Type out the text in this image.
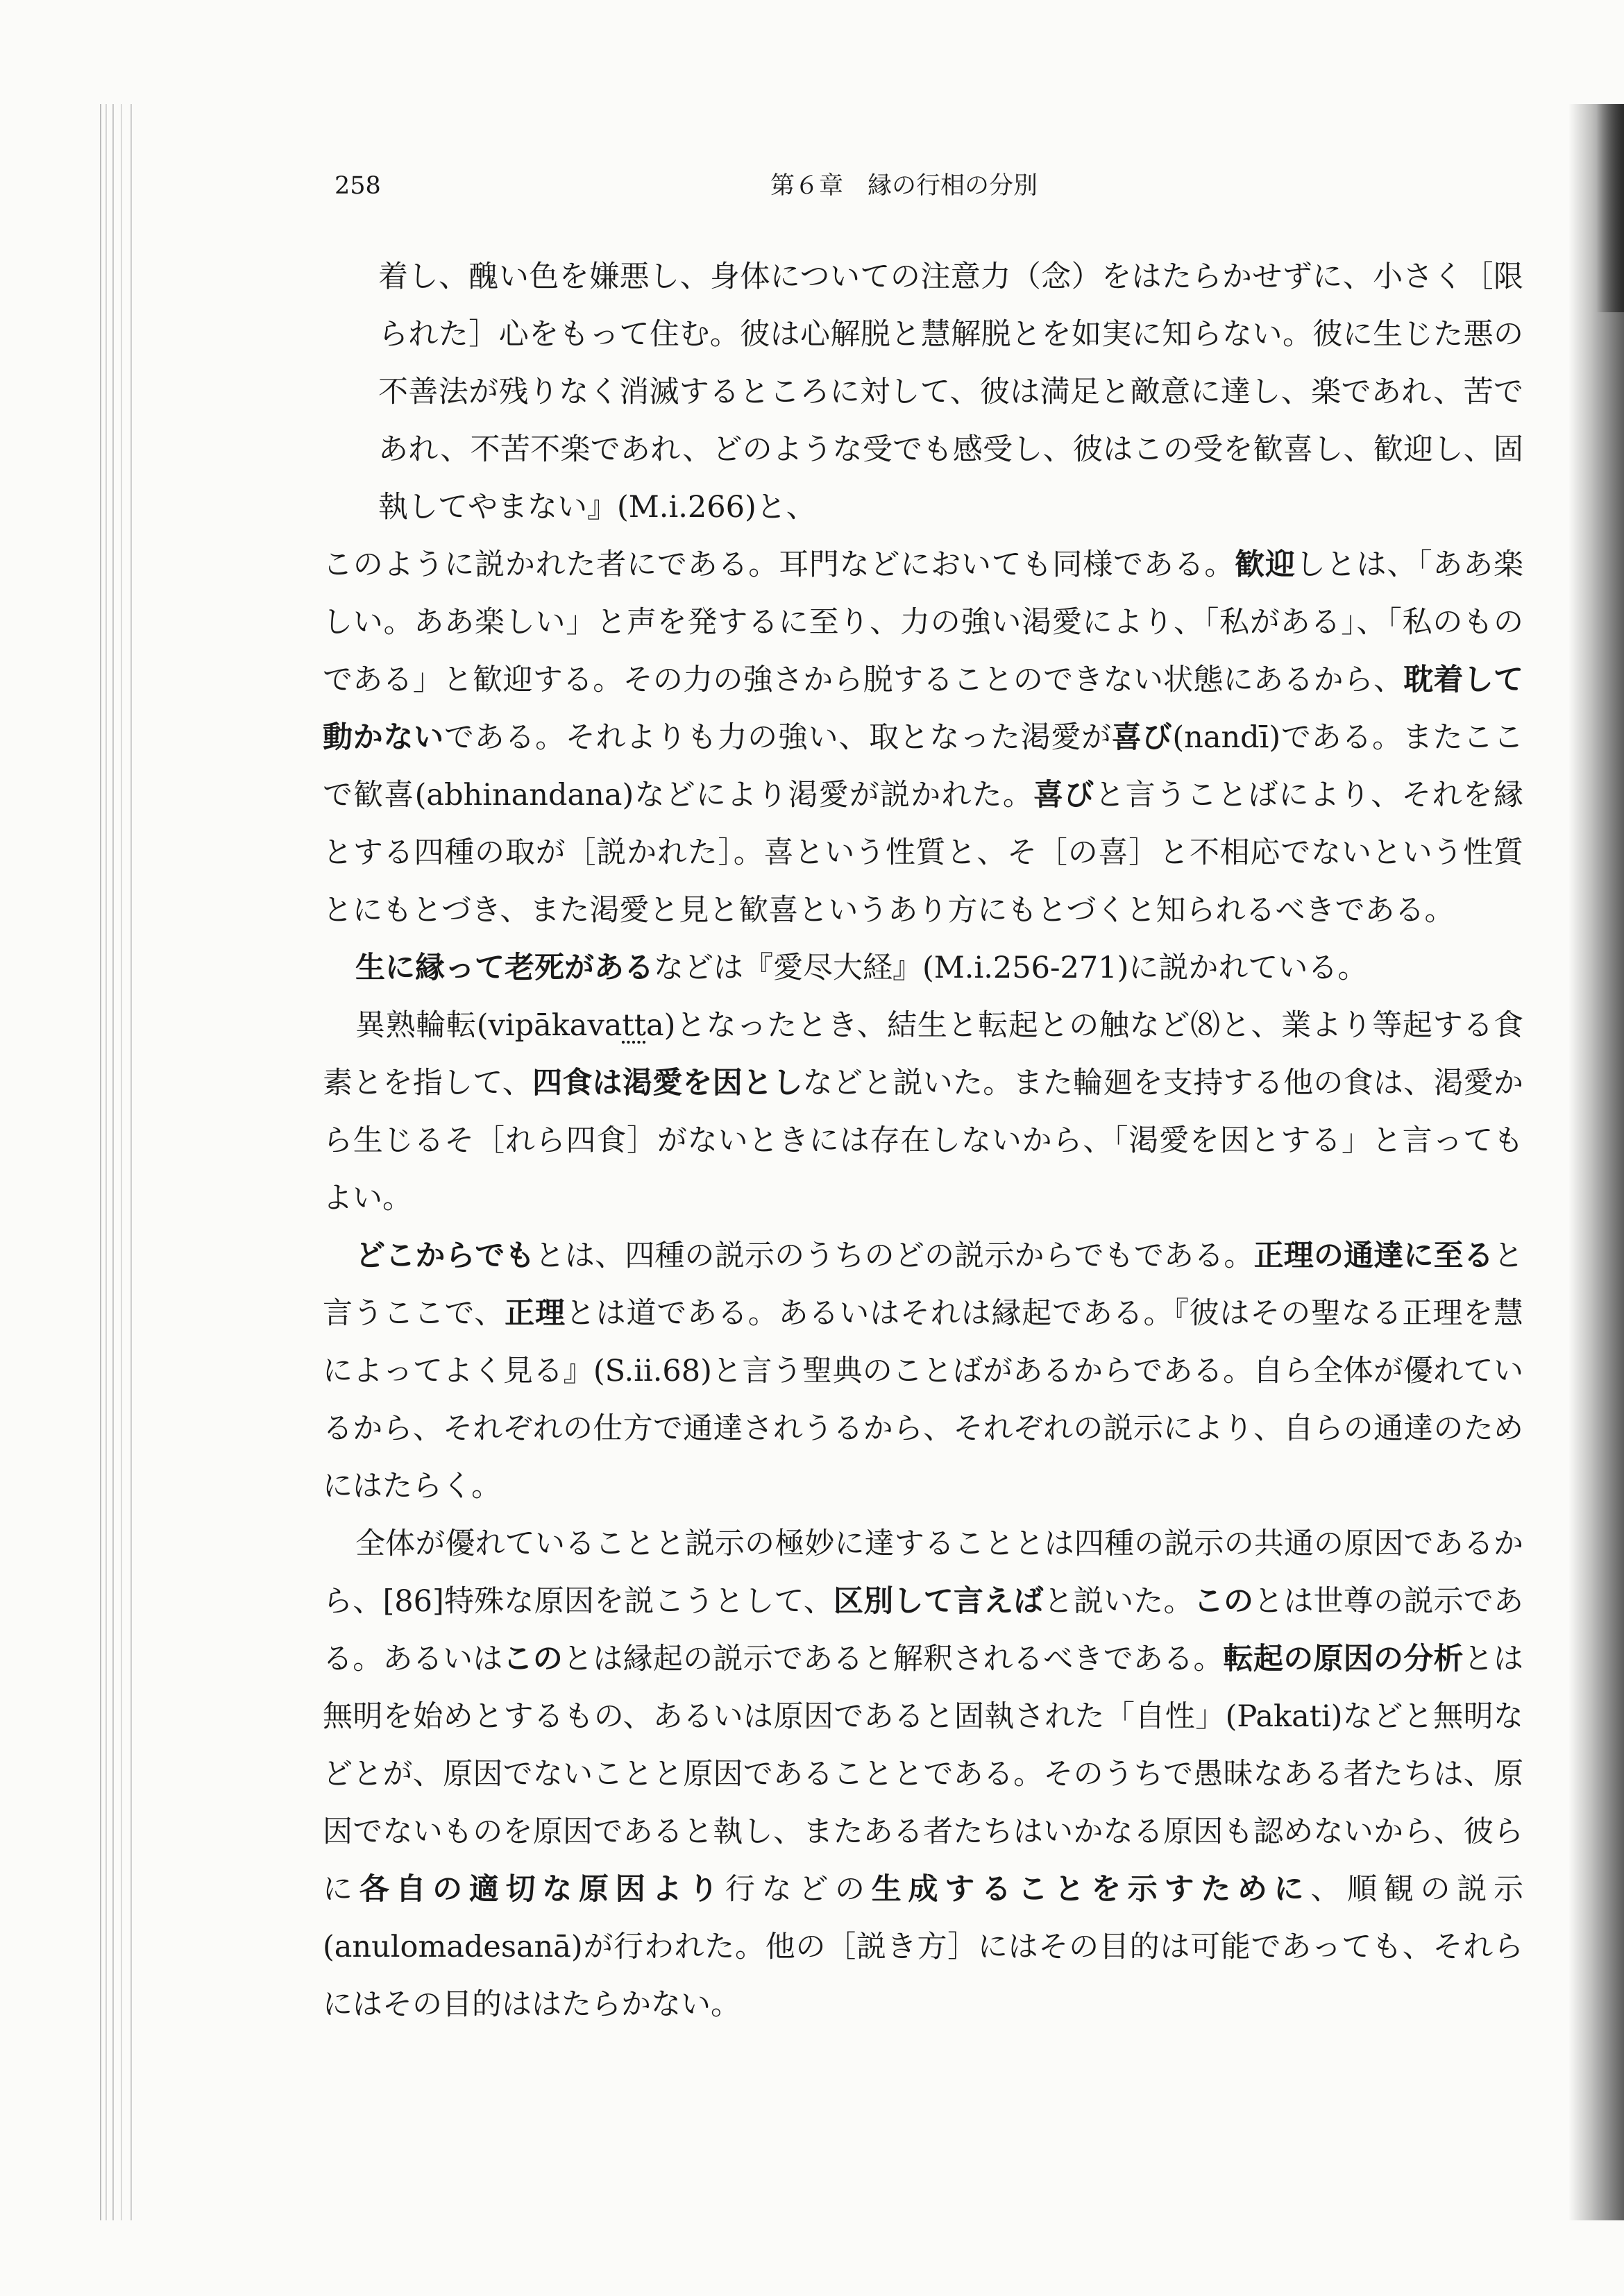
258	第６章　縁の行相の分別

着し、醜い色を嫌悪し、身体についての注意力（念）をはたらかせずに、小さく［限られた］心をもって住む。彼は心解脱と慧解脱とを如実に知らない。彼に生じた悪の不善法が残りなく消滅するところに対して、彼は満足と敵意に達し、楽であれ、苦であれ、不苦不楽であれ、どのような受でも感受し、彼はこの受を歓喜し、歓迎し、固執してやまない』(M.i.266)と、

このように説かれた者にである。耳門などにおいても同様である。歓迎しとは、「ああ楽しい。ああ楽しい」と声を発するに至り、力の強い渇愛により、「私がある」、「私のものである」と歓迎する。その力の強さから脱することのできない状態にあるから、耽着して動かないである。それよりも力の強い、取となった渇愛が喜び(nandī)である。またここで歓喜(abhinandana)などにより渇愛が説かれた。喜びと言うことばにより、それを縁とする四種の取が［説かれた］。喜という性質と、そ［の喜］と不相応でないという性質とにもとづき、また渇愛と見と歓喜というあり方にもとづくと知られるべきである。

生に縁って老死があるなどは『愛尽大経』(M.i.256-271)に説かれている。

異熟輪転(vipākavatta)となったとき、結生と転起との触など⑻と、業より等起する食素とを指して、四食は渇愛を因としなどと説いた。また輪廻を支持する他の食は、渇愛から生じるそ［れら四食］がないときには存在しないから、「渇愛を因とする」と言ってもよい。

どこからでもとは、四種の説示のうちのどの説示からでもである。正理の通達に至ると言うここで、正理とは道である。あるいはそれは縁起である。『彼はその聖なる正理を慧によってよく見る』(S.ii.68)と言う聖典のことばがあるからである。自ら全体が優れているから、それぞれの仕方で通達されうるから、それぞれの説示により、自らの通達のためにはたらく。

全体が優れていることと説示の極妙に達することとは四種の説示の共通の原因であるから、[86]特殊な原因を説こうとして、区別して言えばと説いた。このとは世尊の説示である。あるいはこのとは縁起の説示であると解釈されるべきである。転起の原因の分析とは無明を始めとするもの、あるいは原因であると固執された「自性」(Pakati)などと無明などとが、原因でないことと原因であることとである。そのうちで愚昧なある者たちは、原因でないものを原因であると執し、またある者たちはいかなる原因も認めないから、彼らに各自の適切な原因より行などの生成することを示すために、順観の説示(anulomadesanā)が行われた。他の［説き方］にはその目的は可能であっても、それらにはその目的ははたらかない。
